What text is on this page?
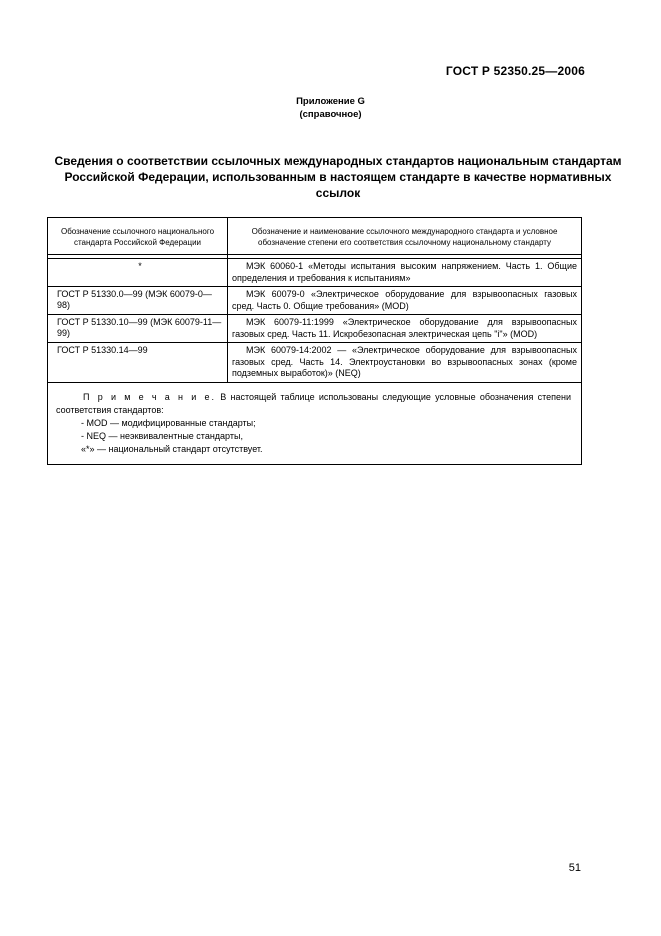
ГОСТ Р 52350.25—2006
Приложение G
(справочное)
Сведения о соответствии ссылочных международных стандартов национальным стандартам Российской Федерации, использованным в настоящем стандарте в качестве нормативных ссылок
Обозначение ссылочного национального стандарта Российской Федерации	Обозначение и наименование ссылочного международного стандарта и условное обозначение степени его соответствия ссылочному национальному стандарту

*	МЭК 60060-1 «Методы испытания высоким напряжением. Часть 1. Общие определения и требования к испытаниям»
ГОСТ Р 51330.0—99 (МЭК 60079-0—98)	МЭК 60079-0 «Электрическое оборудование для взрывоопасных газовых сред. Часть 0. Общие требования» (MOD)
ГОСТ Р 51330.10—99 (МЭК 60079-11—99)	МЭК 60079-11:1999 «Электрическое оборудование для взрывоопасных газовых сред. Часть 11. Искробезопасная электрическая цепь "i"» (MOD)
ГОСТ Р 51330.14—99	МЭК 60079-14:2002 — «Электрическое оборудование для взрывоопасных газовых сред. Часть 14. Электроустановки во взрывоопасных зонах (кроме подземных выработок)» (NEQ)

П р и м е ч а н и е. В настоящей таблице использованы следующие условные обозначения степени соответствия стандартов:

- MOD — модифицированные стандарты;

- NEQ — неэквивалентные стандарты,

«*» — национальный стандарт отсутствует.	

51
